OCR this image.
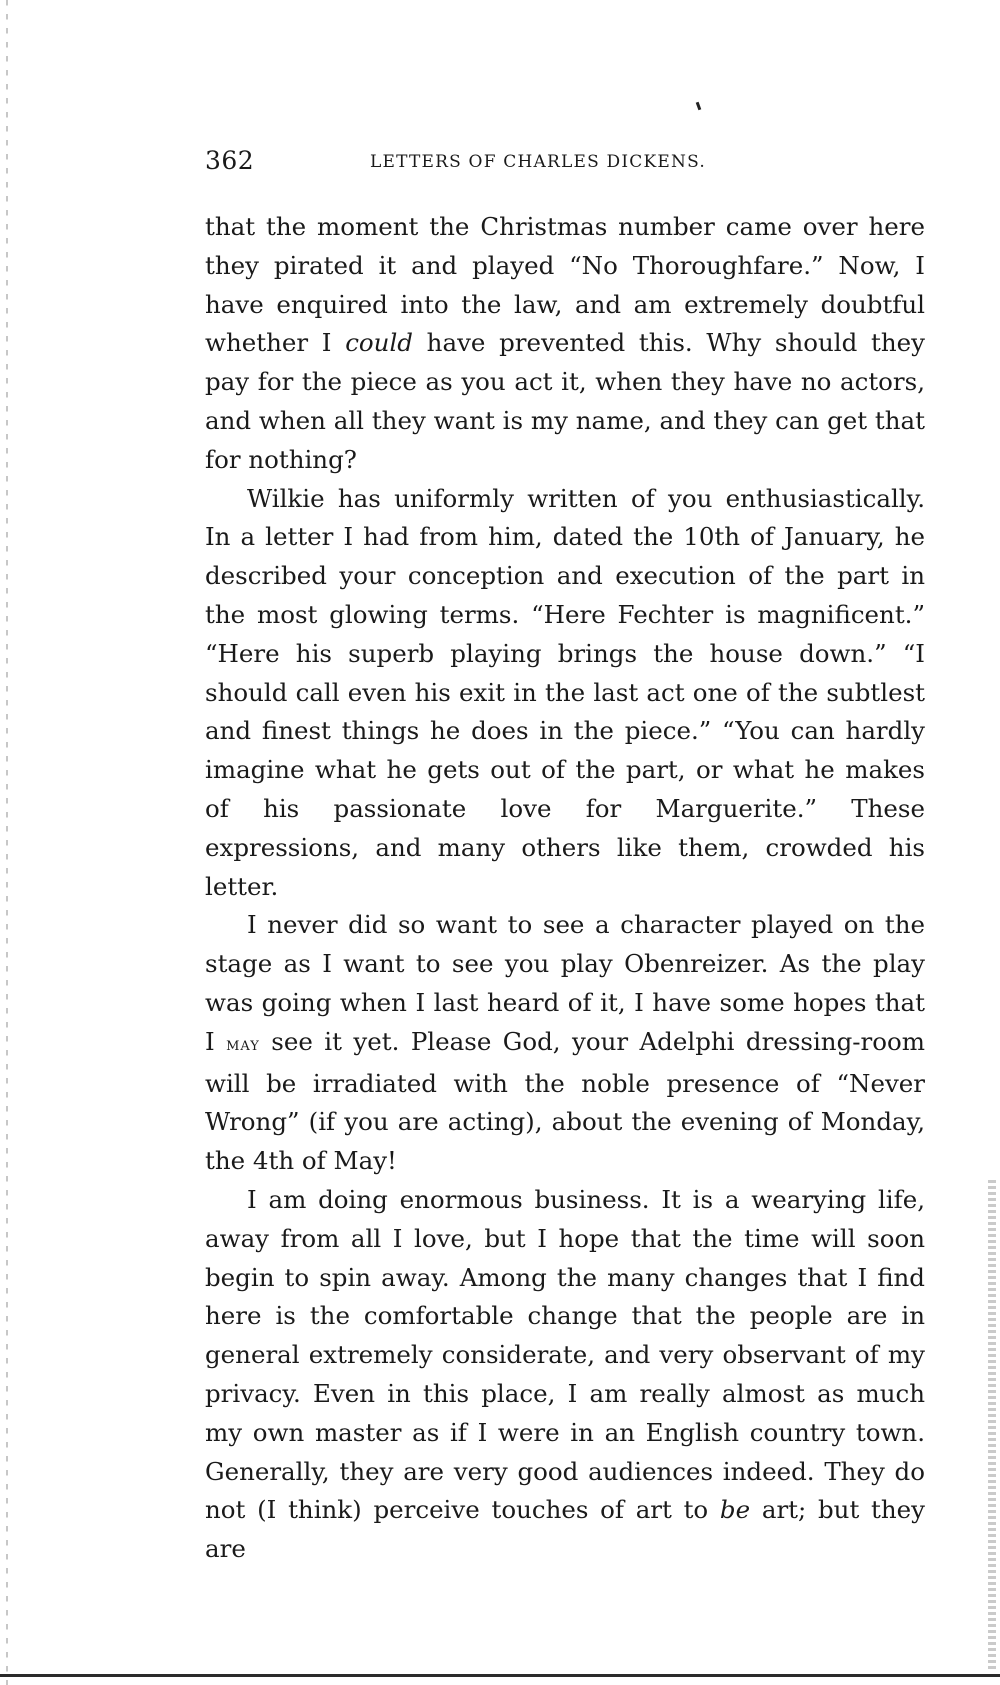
362	LETTERS OF CHARLES DICKENS.

that the moment the Christmas number came over here they pirated it and played “No Thoroughfare.” Now, I have enquired into the law, and am extremely doubtful whether I could have prevented this. Why should they pay for the piece as you act it, when they have no actors, and when all they want is my name, and they can get that for nothing?

Wilkie has uniformly written of you enthusiastically. In a letter I had from him, dated the 10th of January, he described your conception and execution of the part in the most glowing terms. “Here Fechter is magnificent.” “Here his superb playing brings the house down.” “I should call even his exit in the last act one of the subtlest and finest things he does in the piece.” “You can hardly imagine what he gets out of the part, or what he makes of his passionate love for Marguerite.” These expressions, and many others like them, crowded his letter.

I never did so want to see a character played on the stage as I want to see you play Obenreizer. As the play was going when I last heard of it, I have some hopes that I may see it yet. Please God, your Adelphi dressing-room will be irradiated with the noble presence of “Never Wrong” (if you are acting), about the evening of Monday, the 4th of May!

I am doing enormous business. It is a wearying life, away from all I love, but I hope that the time will soon begin to spin away. Among the many changes that I find here is the comfortable change that the people are in general extremely considerate, and very observant of my privacy. Even in this place, I am really almost as much my own master as if I were in an English country town. Generally, they are very good audiences indeed. They do not (I think) perceive touches of art to be art; but they are
